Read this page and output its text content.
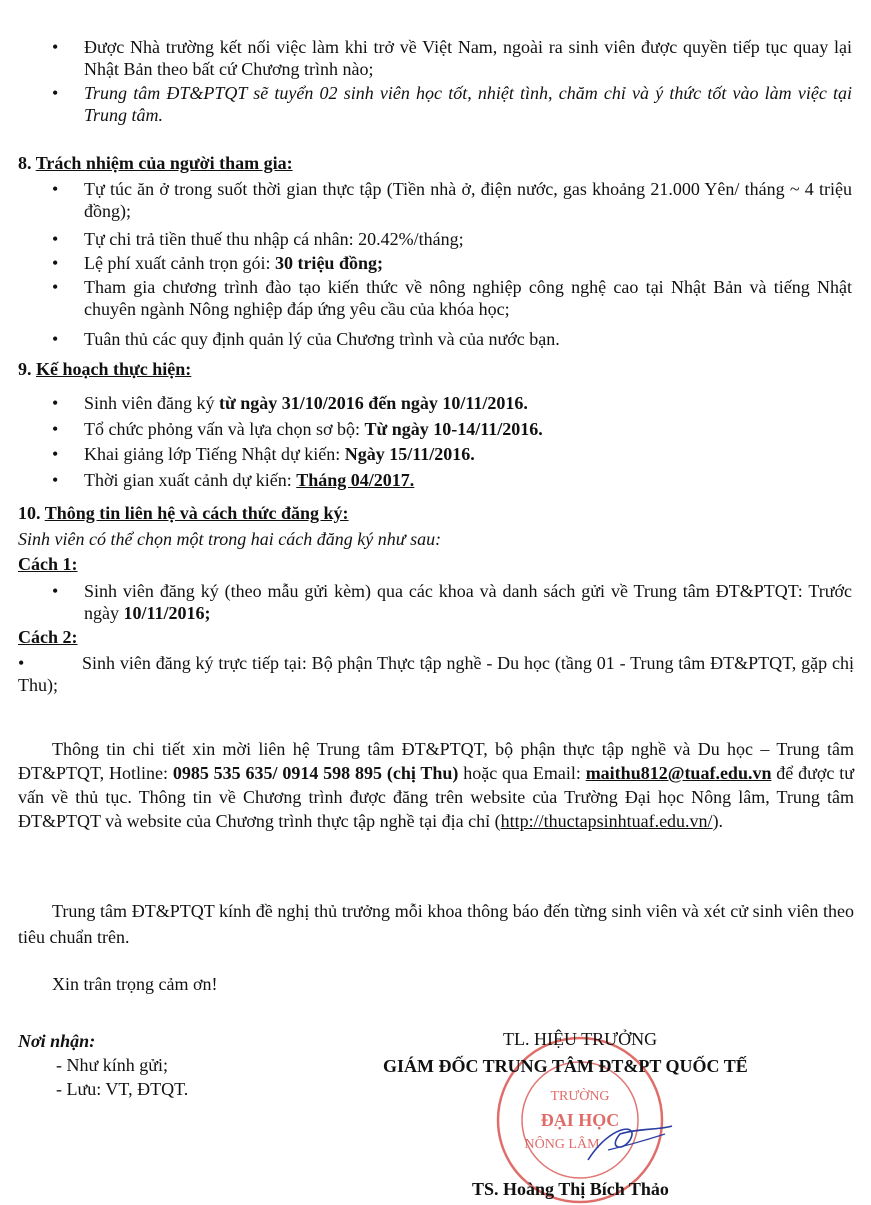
•	Được Nhà trường kết nối việc làm khi trở về Việt Nam, ngoài ra sinh viên được quyền tiếp tục quay lại Nhật Bản theo bất cứ Chương trình nào;
•	Trung tâm ĐT&PTQT sẽ tuyển 02 sinh viên học tốt, nhiệt tình, chăm chỉ và ý thức tốt vào làm việc tại Trung tâm.
8. Trách nhiệm của người tham gia:
•	Tự túc ăn ở trong suốt thời gian thực tập (Tiền nhà ở, điện nước, gas khoảng 21.000 Yên/ tháng ~ 4 triệu đồng);
•	Tự chi trả tiền thuế thu nhập cá nhân: 20.42%/tháng;
•	Lệ phí xuất cảnh trọn gói: 30 triệu đồng;
•	Tham gia chương trình đào tạo kiến thức về nông nghiệp công nghệ cao tại Nhật Bản và tiếng Nhật chuyên ngành Nông nghiệp đáp ứng yêu cầu của khóa học;
•	Tuân thủ các quy định quản lý của Chương trình và của nước bạn.
9. Kế hoạch thực hiện:
•	Sinh viên đăng ký từ ngày 31/10/2016 đến ngày 10/11/2016.
•	Tổ chức phỏng vấn và lựa chọn sơ bộ: Từ ngày 10-14/11/2016.
•	Khai giảng lớp Tiếng Nhật dự kiến: Ngày 15/11/2016.
•	Thời gian xuất cảnh dự kiến: Tháng 04/2017.
10. Thông tin liên hệ và cách thức đăng ký:
Sinh viên có thể chọn một trong hai cách đăng ký như sau:
Cách 1:
•	Sinh viên đăng ký (theo mẫu gửi kèm) qua các khoa và danh sách gửi về Trung tâm ĐT&PTQT: Trước ngày 10/11/2016;
Cách 2:
•	Sinh viên đăng ký trực tiếp tại: Bộ phận Thực tập nghề - Du học (tầng 01 - Trung tâm ĐT&PTQT, gặp chị Thu);
Thông tin chi tiết xin mời liên hệ Trung tâm ĐT&PTQT, bộ phận thực tập nghề và Du học – Trung tâm ĐT&PTQT, Hotline: 0985 535 635/ 0914 598 895 (chị Thu) hoặc qua Email: maithu812@tuaf.edu.vn để được tư vấn về thủ tục. Thông tin về Chương trình được đăng trên website của Trường Đại học Nông lâm, Trung tâm ĐT&PTQT và website của Chương trình thực tập nghề tại địa chỉ (http://thuctapsinhtuaf.edu.vn/).
Trung tâm ĐT&PTQT kính đề nghị thủ trưởng mỗi khoa thông báo đến từng sinh viên và xét cử sinh viên theo tiêu chuẩn trên.
Xin trân trọng cảm ơn!
Nơi nhận:
- Như kính gửi;
- Lưu: VT, ĐTQT.	TRƯỜNG
ĐẠI HỌC
NÔNG LÂM
TL. HIỆU TRƯỞNG
GIÁM ĐỐC TRUNG TÂM ĐT&PT QUỐC TẾ
TS. Hoàng Thị Bích Thảo
